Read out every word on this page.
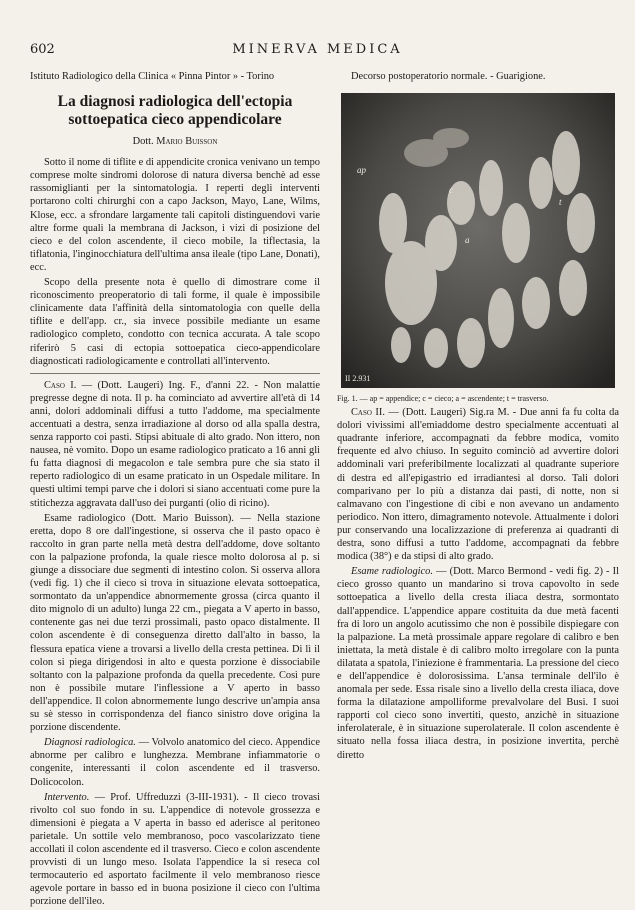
602	MINERVA MEDICA

Istituto Radiologico della Clinica « Pinna Pintor » - Torino

La diagnosi radiologica dell'ectopia sottoepatica cieco appendicolare
Dott. Mario Buisson

Sotto il nome di tiflite e di appendicite cronica venivano un tempo comprese molte sindromi dolorose di natura diversa benchè ad esse rassomiglianti per la sintomatologia. I reperti degli interventi portarono colti chirurghi con a capo Jackson, Mayo, Lane, Wilms, Klose, ecc. a sfrondare largamente tali capitoli distinguendovi varie altre forme quali la membrana di Jackson, i vizi di posizione del cieco e del colon ascendente, il cieco mobile, la tiflectasia, la tiflatonia, l'inginocchiatura dell'ultima ansa ileale (tipo Lane, Donati), ecc.

Scopo della presente nota è quello di dimostrare come il riconoscimento preoperatorio di tali forme, il quale è impossibile clinicamente data l'affinità della sintomatologia con quelle della tiflite e dell'app. cr., sia invece possibile mediante un esame radiologico completo, condotto con tecnica accurata. A tale scopo riferirò 5 casi di ectopia sottoepatica cieco-appendicolare diagnosticati radiologicamente e controllati all'intervento.

Caso I. — (Dott. Laugeri) Ing. F., d'anni 22. - Non malattie pregresse degne di nota. Il p. ha cominciato ad avvertire all'età di 14 anni, dolori addominali diffusi a tutto l'addome, ma specialmente accentuati a destra, senza irradiazione al dorso od alla spalla destra, senza rapporto coi pasti. Stipsi abituale di alto grado. Non ittero, non nausea, nè vomito. Dopo un esame radiologico praticato a 16 anni gli fu fatta diagnosi di megacolon e tale sembra pure che sia stato il reperto radiologico di un esame praticato in un Ospedale militare. In questi ultimi tempi parve che i dolori si siano accentuati come pure la stitichezza aggravata dall'uso dei purganti (olio di ricino).

Esame radiologico (Dott. Mario Buisson). — Nella stazione eretta, dopo 8 ore dall'ingestione, si osserva che il pasto opaco è raccolto in gran parte nella metà destra dell'addome, dove soltanto con la palpazione profonda, la quale riesce molto dolorosa al p. si giunge a dissociare due segmenti di intestino colon. Si osserva allora (vedi fig. 1) che il cieco si trova in situazione elevata sottoepatica, sormontato da un'appendice abnormemente grossa (circa quanto il dito mignolo di un adulto) lunga 22 cm., piegata a V aperto in basso, contenente gas nei due terzi prossimali, pasto opaco distalmente. Il colon ascendente è di conseguenza diretto dall'alto in basso, la flessura epatica viene a trovarsi a livello della cresta pettinea. Di lì il colon si piega dirigendosi in alto e questa porzione è dissociabile soltanto con la palpazione profonda da quella precedente. Così pure non è possibile mutare l'inflessione a V aperto in basso dell'appendice. Il colon abnormemente lungo descrive un'ampia ansa su sè stesso in corrispondenza del fianco sinistro dove origina la porzione discendente.

Diagnosi radiologica. — Volvolo anatomico del cieco. Appendice abnorme per calibro e lunghezza. Membrane infiammatorie o congenite, interessanti il colon ascendente ed il trasverso. Dolicocolon.

Intervento. — Prof. Uffreduzzi (3-III-1931). - Il cieco trovasi rivolto col suo fondo in su. L'appendice di notevole grossezza e dimensioni è piegata a V aperta in basso ed aderisce al peritoneo parietale. Un sottile velo membranoso, poco vascolarizzato tiene accollati il colon ascendente ed il trasverso. Cieco e colon ascendente provvisti di un lungo meso. Isolata l'appendice la si reseca col termocauterio ed asportato facilmente il velo membranoso riesce agevole portare in basso ed in buona posizione il cieco con l'ultima porzione dell'ileo.

Decorso postoperatorio normale. - Guarigione.

ap
c
a
t
II 2.931

Fig. 1. — ap = appendice; c = cieco; a = ascendente; t = trasverso.

Caso II. — (Dott. Laugeri) Sig.ra M. - Due anni fa fu colta da dolori vivissimi all'emiaddome destro specialmente accentuati al quadrante inferiore, accompagnati da febbre modica, vomito frequente ed alvo chiuso. In seguito cominciò ad avvertire dolori addominali vari preferibilmente localizzati al quadrante superiore di destra ed all'epigastrio ed irradiantesi al dorso. Tali dolori comparivano per lo più a distanza dai pasti, di notte, non si calmavano con l'ingestione di cibi e non avevano un andamento periodico. Non ittero, dimagramento notevole. Attualmente i dolori pur conservando una localizzazione di preferenza ai quadranti di destra, sono diffusi a tutto l'addome, accompagnati da febbre modica (38°) e da stipsi di alto grado.

Esame radiologico. — (Dott. Marco Bermond - vedi fig. 2) - Il cieco grosso quanto un mandarino si trova capovolto in sede sottoepatica a livello della cresta iliaca destra, sormontato dall'appendice. L'appendice appare costituita da due metà facenti fra di loro un angolo acutissimo che non è possibile dispiegare con la palpazione. La metà prossimale appare regolare di calibro e ben iniettata, la metà distale è di calibro molto irregolare con la punta dilatata a spatola, l'iniezione è frammentaria. La pressione del cieco e dell'appendice è dolorosissima. L'ansa terminale dell'ilo è anomala per sede. Essa risale sino a livello della cresta iliaca, dove forma la dilatazione ampolliforme prevalvolare del Busi. I suoi rapporti col cieco sono invertiti, questo, anzichè in situazione inferolaterale, è in situazione superolaterale. Il colon ascendente è situato nella fossa iliaca destra, in posizione invertita, perchè diretto
